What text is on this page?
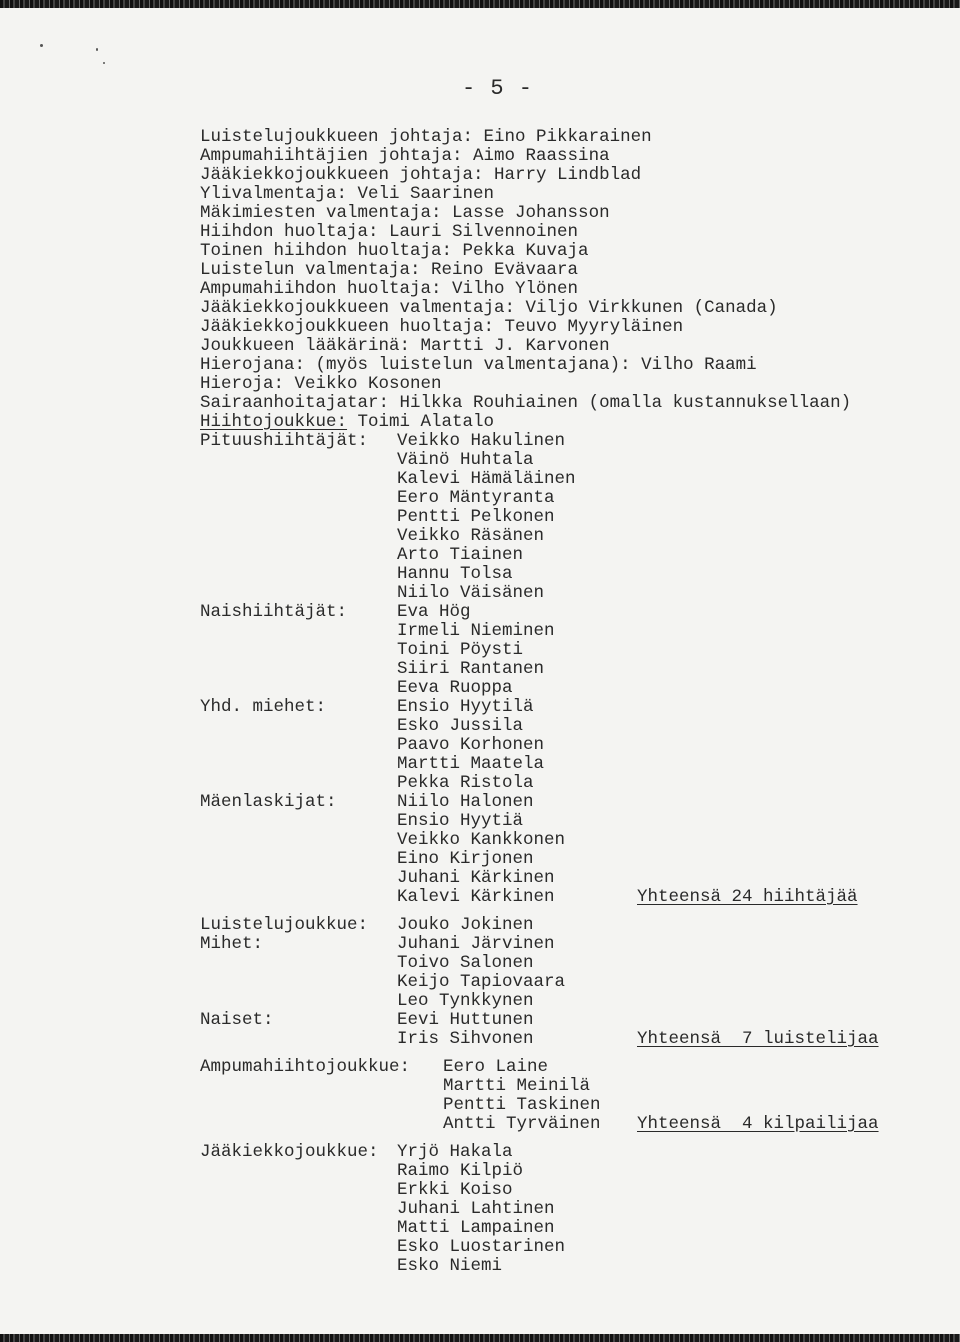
- 5 -
Luistelujoukkueen johtaja: Eino Pikkarainen
Ampumahiihtäjien johtaja: Aimo Raassina
Jääkiekkojoukkueen johtaja: Harry Lindblad
Ylivalmentaja: Veli Saarinen
Mäkimiesten valmentaja: Lasse Johansson
Hiihdon huoltaja: Lauri Silvennoinen
Toinen hiihdon huoltaja: Pekka Kuvaja
Luistelun valmentaja: Reino Evävaara
Ampumahiihdon huoltaja: Vilho Ylönen
Jääkiekkojoukkueen valmentaja: Viljo Virkkunen (Canada)
Jääkiekkojoukkueen huoltaja: Teuvo Myyryläinen
Joukkueen lääkärinä: Martti J. Karvonen
Hierojana: (myös luistelun valmentajana): Vilho Raami
Hieroja: Veikko Kosonen
Sairaanhoitajatar: Hilkka Rouhiainen (omalla kustannuksellaan)
Hiihtojoukkue: Toimi Alatalo
Pituushiihtäjät: Veikko Hakulinen
Väinö Huhtala
Kalevi Hämäläinen
Eero Mäntyranta
Pentti Pelkonen
Veikko Räsänen
Arto Tiainen
Hannu Tolsa
Niilo Väisänen
Naishiihtäjät:	Eva Hög
Irmeli Nieminen
Toini Pöysti
Siiri Rantanen
Eeva Ruoppa
Yhd. miehet:	Ensio Hyytilä
Esko Jussila
Paavo Korhonen
Martti Maatela
Pekka Ristola
Mäenlaskijat:	Niilo Halonen
Ensio Hyytiä
Veikko Kankkonen
Eino Kirjonen
Juhani Kärkinen
Kalevi Kärkinen	Yhteensä 24 hiihtäjää
Luistelujoukkue: Jouko Jokinen
Mihet:	Juhani Järvinen
Toivo Salonen
Keijo Tapiovaara
Leo Tynkkynen
Naiset:	Eevi Huttunen
Iris Sihvonen	Yhteensä  7 luistelijaa
Ampumahiihtojoukkue: Eero Laine
Martti Meinilä
Pentti Taskinen
Antti Tyrväinen Yhteensä  4 kilpailijaa
Jääkiekkojoukkue: Yrjö Hakala
Raimo Kilpiö
Erkki Koiso
Juhani Lahtinen
Matti Lampainen
Esko Luostarinen
Esko Niemi
